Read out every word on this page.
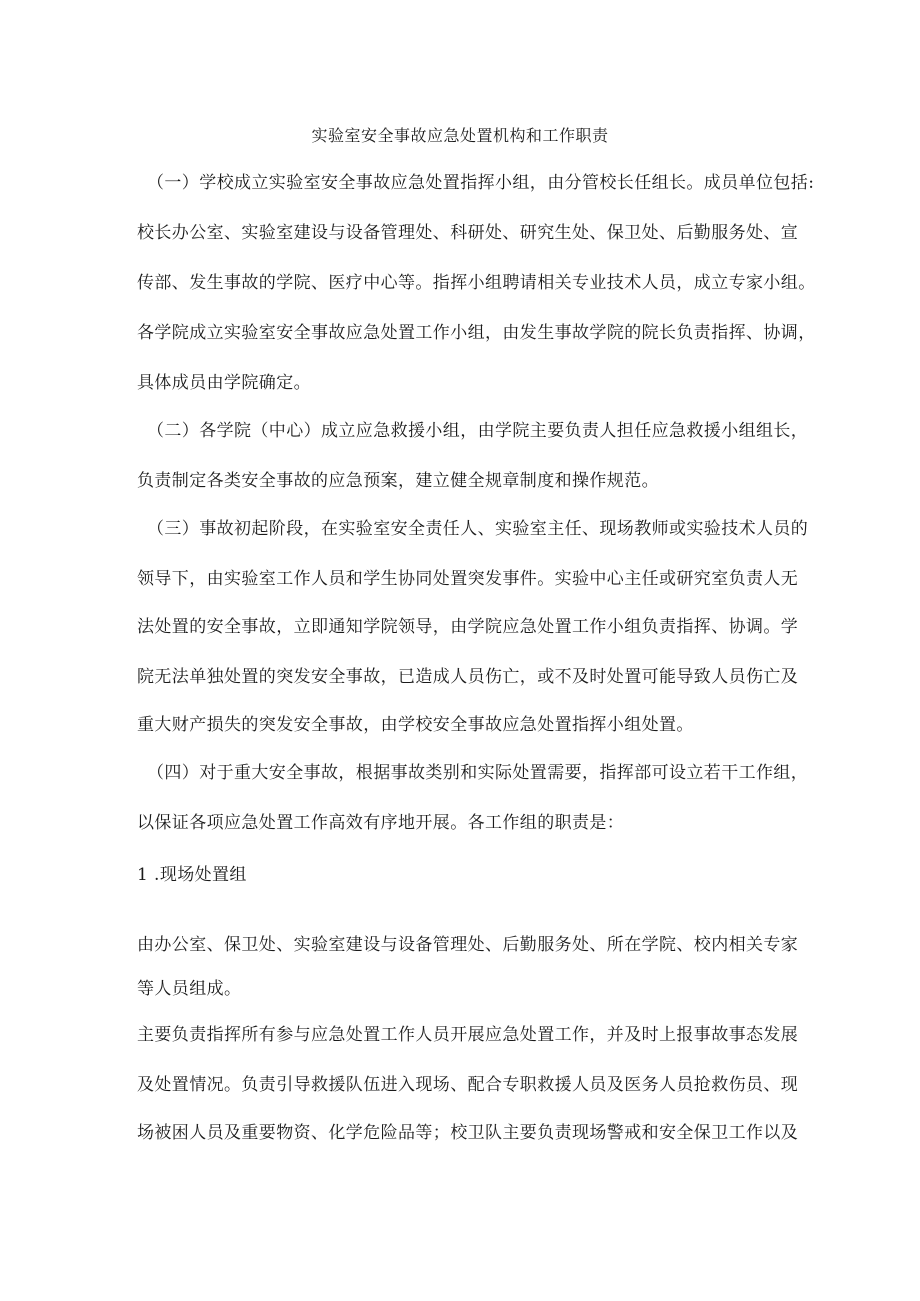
实验室安全事故应急处置机构和工作职责
（一）学校成立实验室安全事故应急处置指挥小组，由分管校长任组长。成员单位包括:
校长办公室、实验室建设与设备管理处、科研处、研究生处、保卫处、后勤服务处、宣
传部、发生事故的学院、医疗中心等。指挥小组聘请相关专业技术人员，成立专家小组。
各学院成立实验室安全事故应急处置工作小组，由发生事故学院的院长负责指挥、协调，
具体成员由学院确定。
（二）各学院（中心）成立应急救援小组，由学院主要负责人担任应急救援小组组长，
负责制定各类安全事故的应急预案，建立健全规章制度和操作规范。
（三）事故初起阶段，在实验室安全责任人、实验室主任、现场教师或实验技术人员的
领导下，由实验室工作人员和学生协同处置突发事件。实验中心主任或研究室负责人无
法处置的安全事故，立即通知学院领导，由学院应急处置工作小组负责指挥、协调。学
院无法单独处置的突发安全事故，已造成人员伤亡，或不及时处置可能导致人员伤亡及
重大财产损失的突发安全事故，由学校安全事故应急处置指挥小组处置。
（四）对于重大安全事故，根据事故类别和实际处置需要，指挥部可设立若干工作组，
以保证各项应急处置工作高效有序地开展。各工作组的职责是：
1 .现场处置组
由办公室、保卫处、实验室建设与设备管理处、后勤服务处、所在学院、校内相关专家
等人员组成。
主要负责指挥所有参与应急处置工作人员开展应急处置工作，并及时上报事故事态发展
及处置情况。负责引导救援队伍进入现场、配合专职救援人员及医务人员抢救伤员、现
场被困人员及重要物资、化学危险品等；校卫队主要负责现场警戒和安全保卫工作以及
